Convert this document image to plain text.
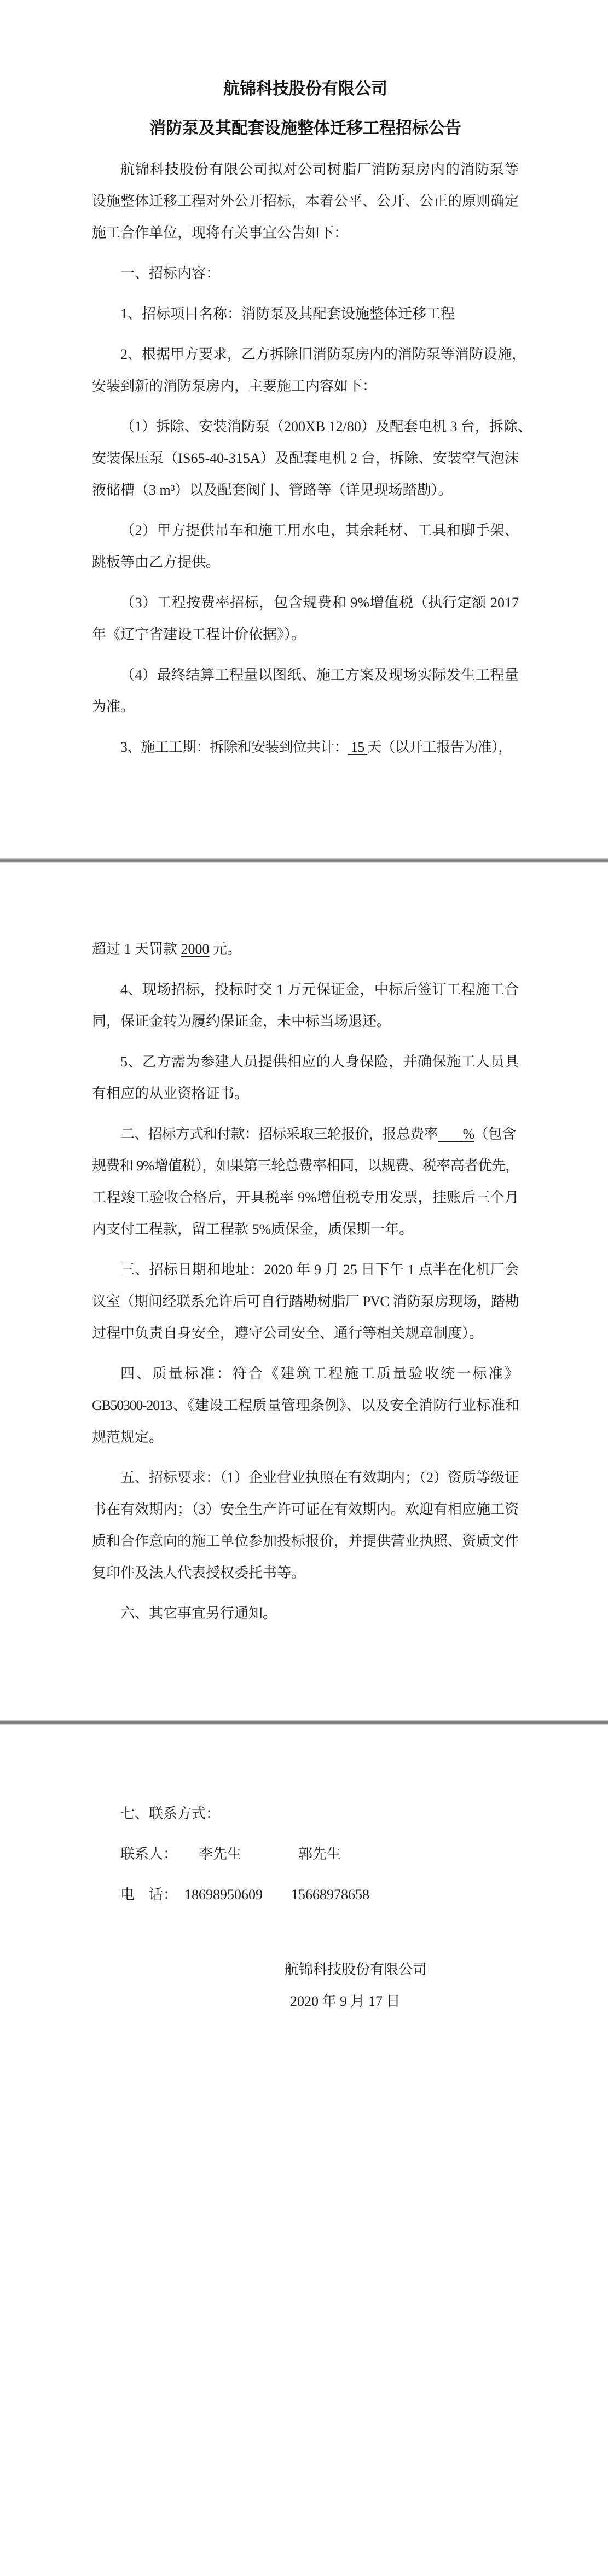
航锦科技股份有限公司
消防泵及其配套设施整体迁移工程招标公告

航锦科技股份有限公司拟对公司树脂厂消防泵房内的消防泵等

设施整体迁移工程对外公开招标，本着公平、公开、公正的原则确定

施工合作单位，现将有关事宜公告如下：

一、招标内容：

1、招标项目名称：消防泵及其配套设施整体迁移工程

2、根据甲方要求，乙方拆除旧消防泵房内的消防泵等消防设施，

安装到新的消防泵房内，主要施工内容如下：

（1）拆除、安装消防泵（200XB 12/80）及配套电机 3 台，拆除、

安装保压泵（IS65-40-315A）及配套电机 2 台，拆除、安装空气泡沫

液储槽（3 m³）以及配套阀门、管路等（详见现场踏勘）。

（2）甲方提供吊车和施工用水电，其余耗材、工具和脚手架、

跳板等由乙方提供。

（3）工程按费率招标，包含规费和 9%增值税（执行定额 2017

年《辽宁省建设工程计价依据》）。

（4）最终结算工程量以图纸、施工方案及现场实际发生工程量

为准。

3、施工工期：拆除和安装到位共计： 15 天（以开工报告为准），

超过 1 天罚款 2000 元。

4、现场招标，投标时交 1 万元保证金，中标后签订工程施工合

同，保证金转为履约保证金，未中标当场退还。

5、乙方需为参建人员提供相应的人身保险，并确保施工人员具

有相应的从业资格证书。

二、招标方式和付款：招标采取三轮报价，报总费率 %（包含

规费和 9%增值税），如果第三轮总费率相同，以规费、税率高者优先，

工程竣工验收合格后，开具税率 9%增值税专用发票，挂账后三个月

内支付工程款，留工程款 5%质保金，质保期一年。

三、招标日期和地址：2020 年 9 月 25 日下午 1 点半在化机厂会

议室（期间经联系允许后可自行踏勘树脂厂 PVC 消防泵房现场，踏勘

过程中负责自身安全，遵守公司安全、通行等相关规章制度）。

四、质量标准：符合《建筑工程施工质量验收统一标准》

GB50300-2013、《建设工程质量管理条例》、以及安全消防行业标准和

规范规定。

五、招标要求：（1）企业营业执照在有效期内；（2）资质等级证

书在有效期内；（3）安全生产许可证在有效期内。欢迎有相应施工资

质和合作意向的施工单位参加投标报价，并提供营业执照、资质文件

复印件及法人代表授权委托书等。

六、其它事宜另行通知。

七、联系方式：

联系人：　　李先生　　　　郭先生

电　话：　18698950609　　15668978658

航锦科技股份有限公司

2020 年 9 月 17 日
